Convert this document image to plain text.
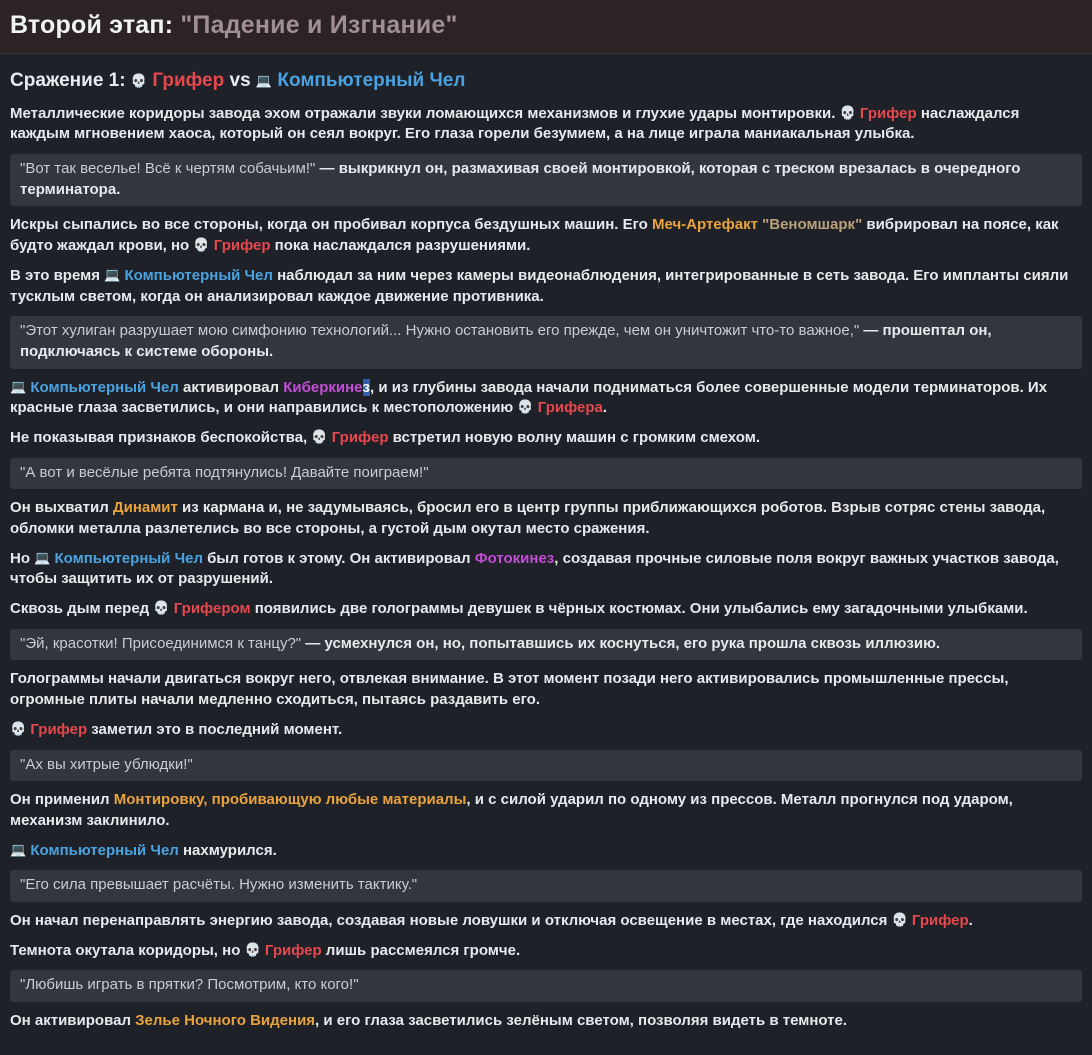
Второй этап: "Падение и Изгнание"
Сражение 1: 💀 Грифер vs 💻 Компьютерный Чел

Металлические коридоры завода эхом отражали звуки ломающихся механизмов и глухие удары монтировки. 💀 Грифер наслаждался каждым мгновением хаоса, который он сеял вокруг. Его глаза горели безумием, а на лице играла маниакальная улыбка.

"Вот так веселье! Всё к чертям собачьим!" — выкрикнул он, размахивая своей монтировкой, которая с треском врезалась в очередного терминатора.

Искры сыпались во все стороны, когда он пробивал корпуса бездушных машин. Его Меч-Артефакт "Веномшарк" вибрировал на поясе, как будто жаждал крови, но 💀 Грифер пока наслаждался разрушениями.

В это время 💻 Компьютерный Чел наблюдал за ним через камеры видеонаблюдения, интегрированные в сеть завода. Его импланты сияли тусклым светом, когда он анализировал каждое движение противника.

"Этот хулиган разрушает мою симфонию технологий... Нужно остановить его прежде, чем он уничтожит что-то важное," — прошептал он, подключаясь к системе обороны.

💻 Компьютерный Чел активировал Киберкинез, и из глубины завода начали подниматься более совершенные модели терминаторов. Их красные глаза засветились, и они направились к местоположению 💀 Грифера.

Не показывая признаков беспокойства, 💀 Грифер встретил новую волну машин с громким смехом.

"А вот и весёлые ребята подтянулись! Давайте поиграем!"

Он выхватил Динамит из кармана и, не задумываясь, бросил его в центр группы приближающихся роботов. Взрыв сотряс стены завода, обломки металла разлетелись во все стороны, а густой дым окутал место сражения.

Но 💻 Компьютерный Чел был готов к этому. Он активировал Фотокинез, создавая прочные силовые поля вокруг важных участков завода, чтобы защитить их от разрушений.

Сквозь дым перед 💀 Грифером появились две голограммы девушек в чёрных костюмах. Они улыбались ему загадочными улыбками.

"Эй, красотки! Присоединимся к танцу?" — усмехнулся он, но, попытавшись их коснуться, его рука прошла сквозь иллюзию.

Голограммы начали двигаться вокруг него, отвлекая внимание. В этот момент позади него активировались промышленные прессы, огромные плиты начали медленно сходиться, пытаясь раздавить его.

💀 Грифер заметил это в последний момент.

"Ах вы хитрые ублюдки!"

Он применил Монтировку, пробивающую любые материалы, и с силой ударил по одному из прессов. Металл прогнулся под ударом, механизм заклинило.

💻 Компьютерный Чел нахмурился.

"Его сила превышает расчёты. Нужно изменить тактику."

Он начал перенаправлять энергию завода, создавая новые ловушки и отключая освещение в местах, где находился 💀 Грифер.

Темнота окутала коридоры, но 💀 Грифер лишь рассмеялся громче.

"Любишь играть в прятки? Посмотрим, кто кого!"

Он активировал Зелье Ночного Видения, и его глаза засветились зелёным светом, позволяя видеть в темноте.
